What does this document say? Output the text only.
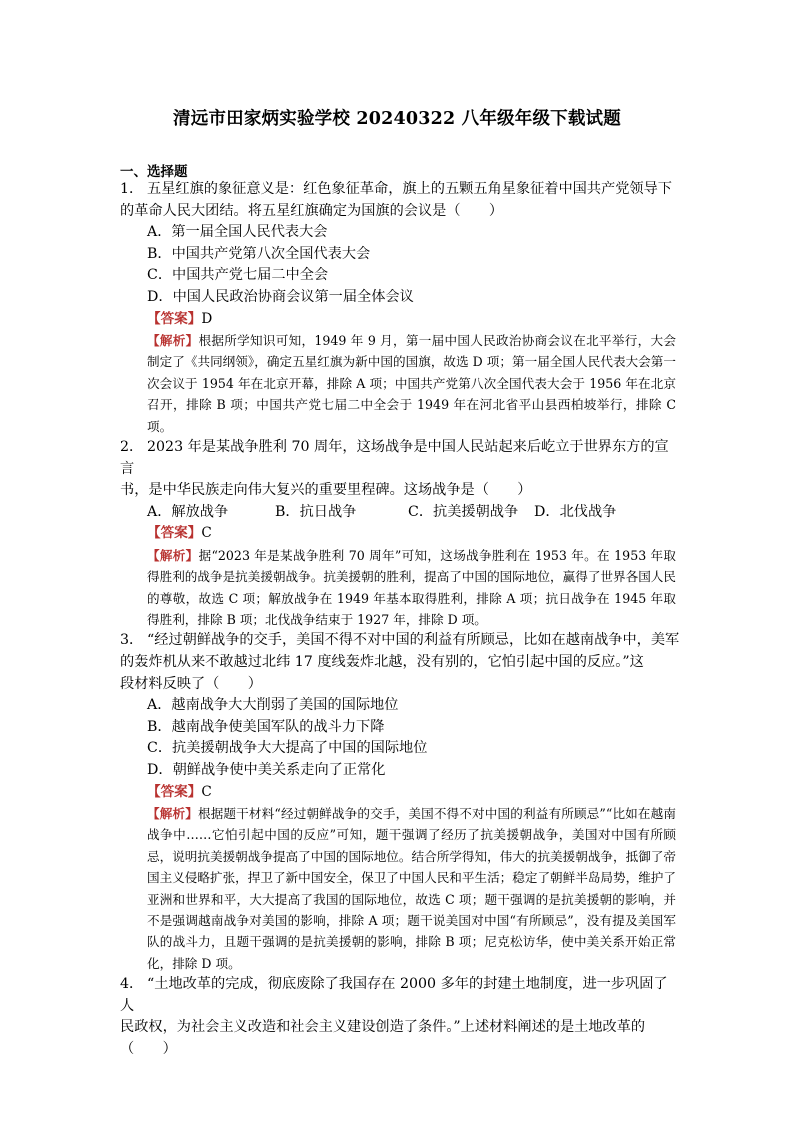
清远市田家炳实验学校 20240322 八年级年级下载试题
一、选择题
1． 五星红旗的象征意义是：红色象征革命，旗上的五颗五角星象征着中国共产党领导下
的革命人民大团结。将五星红旗确定为国旗的会议是（　　）
A．第一届全国人民代表大会
B．中国共产党第八次全国代表大会
C．中国共产党七届二中全会
D．中国人民政治协商会议第一届全体会议
【答案】D
【解析】根据所学知识可知，1949 年 9 月，第一届中国人民政治协商会议在北平举行，大会制定了《共同纲领》，确定五星红旗为新中国的国旗，故选 D 项；第一届全国人民代表大会第一次会议于 1954 年在北京开幕，排除 A 项；中国共产党第八次全国代表大会于 1956 年在北京召开，排除 B 项；中国共产党七届二中全会于 1949 年在河北省平山县西柏坡举行，排除 C 项。
2． 2023 年是某战争胜利 70 周年，这场战争是中国人民站起来后屹立于世界东方的宣言
书，是中华民族走向伟大复兴的重要里程碑。这场战争是（　　）
A．解放战争	B．抗日战争	C．抗美援朝战争	D．北伐战争
【答案】C
【解析】据“2023 年是某战争胜利 70 周年”可知，这场战争胜利在 1953 年。在 1953 年取得胜利的战争是抗美援朝战争。抗美援朝的胜利，提高了中国的国际地位，赢得了世界各国人民的尊敬，故选 C 项；解放战争在 1949 年基本取得胜利，排除 A 项；抗日战争在 1945 年取得胜利，排除 B 项；北伐战争结束于 1927 年，排除 D 项。
3． “经过朝鲜战争的交手，美国不得不对中国的利益有所顾忌，比如在越南战争中，美军
的轰炸机从来不敢越过北纬 17 度线轰炸北越，没有别的，它怕引起中国的反应。”这
段材料反映了（　　）
A．越南战争大大削弱了美国的国际地位
B．越南战争使美国军队的战斗力下降
C．抗美援朝战争大大提高了中国的国际地位
D．朝鲜战争使中美关系走向了正常化
【答案】C
【解析】根据题干材料“经过朝鲜战争的交手，美国不得不对中国的利益有所顾忌”“比如在越南战争中……它怕引起中国的反应”可知，题干强调了经历了抗美援朝战争，美国对中国有所顾忌，说明抗美援朝战争提高了中国的国际地位。结合所学得知，伟大的抗美援朝战争，抵御了帝国主义侵略扩张，捍卫了新中国安全，保卫了中国人民和平生活；稳定了朝鲜半岛局势，维护了亚洲和世界和平，大大提高了我国的国际地位，故选 C 项；题干强调的是抗美援朝的影响，并不是强调越南战争对美国的影响，排除 A 项；题干说美国对中国“有所顾忌”，没有提及美国军队的战斗力，且题干强调的是抗美援朝的影响，排除 B 项；尼克松访华，使中美关系开始正常化，排除 D 项。
4． “土地改革的完成，彻底废除了我国存在 2000 多年的封建土地制度，进一步巩固了人
民政权，为社会主义改造和社会主义建设创造了条件。”上述材料阐述的是土地改革的
（　　）
